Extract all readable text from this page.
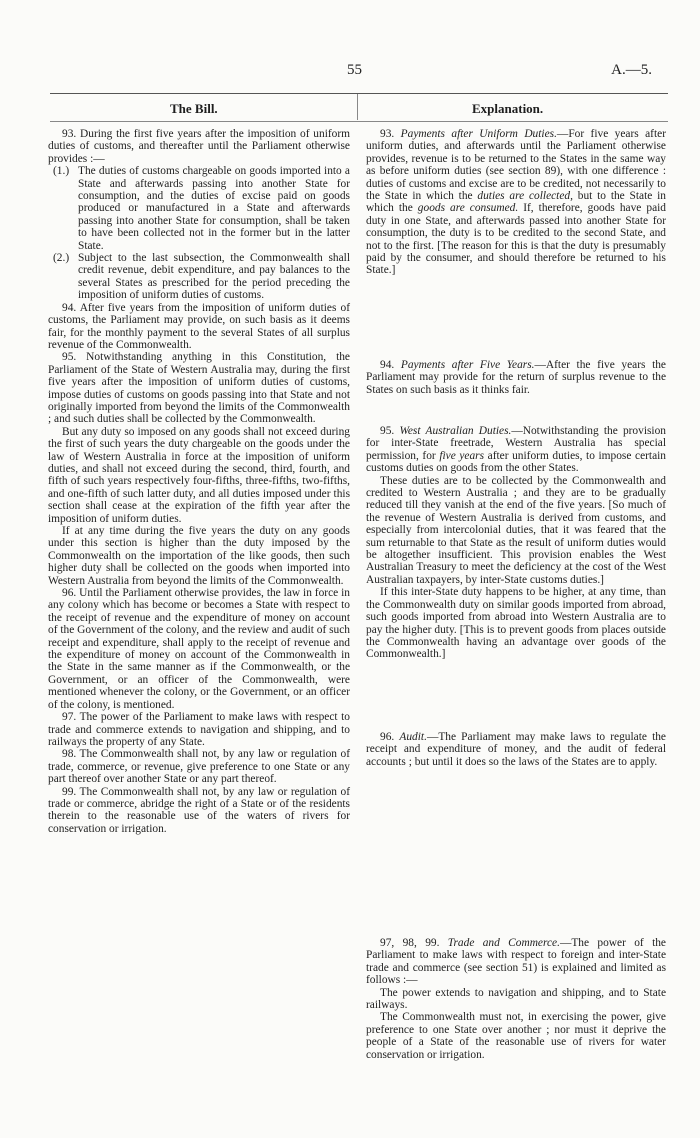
55	A.—5.
The Bill.	Explanation.

93. During the first five years after the imposition of uniform duties of customs, and thereafter until the Parliament otherwise provides :—

(1.) The duties of customs chargeable on goods imported into a State and afterwards passing into another State for consumption, and the duties of excise paid on goods produced or manufactured in a State and afterwards passing into another State for consumption, shall be taken to have been collected not in the former but in the latter State.

(2.) Subject to the last subsection, the Commonwealth shall credit revenue, debit expenditure, and pay balances to the several States as prescribed for the period preceding the imposition of uniform duties of customs.

94. After five years from the imposition of uniform duties of customs, the Parliament may provide, on such basis as it deems fair, for the monthly payment to the several States of all surplus revenue of the Commonwealth.

95. Notwithstanding anything in this Constitution, the Parliament of the State of Western Australia may, during the first five years after the imposition of uniform duties of customs, impose duties of customs on goods passing into that State and not originally imported from beyond the limits of the Commonwealth ; and such duties shall be collected by the Commonwealth.

But any duty so imposed on any goods shall not exceed during the first of such years the duty chargeable on the goods under the law of Western Australia in force at the imposition of uniform duties, and shall not exceed during the second, third, fourth, and fifth of such years respectively four-fifths, three-fifths, two-fifths, and one-fifth of such latter duty, and all duties imposed under this section shall cease at the expiration of the fifth year after the imposition of uniform duties.

If at any time during the five years the duty on any goods under this section is higher than the duty imposed by the Commonwealth on the importation of the like goods, then such higher duty shall be collected on the goods when imported into Western Australia from beyond the limits of the Commonwealth.

96. Until the Parliament otherwise provides, the law in force in any colony which has become or becomes a State with respect to the receipt of revenue and the expenditure of money on account of the Government of the colony, and the review and audit of such receipt and expenditure, shall apply to the receipt of revenue and the expenditure of money on account of the Commonwealth in the State in the same manner as if the Commonwealth, or the Government, or an officer of the Commonwealth, were mentioned whenever the colony, or the Government, or an officer of the colony, is mentioned.

97. The power of the Parliament to make laws with respect to trade and commerce extends to navigation and shipping, and to railways the property of any State.

98. The Commonwealth shall not, by any law or regulation of trade, commerce, or revenue, give preference to one State or any part thereof over another State or any part thereof.

99. The Commonwealth shall not, by any law or regulation of trade or commerce, abridge the right of a State or of the residents therein to the reasonable use of the waters of rivers for conservation or irrigation.

93. Payments after Uniform Duties.—For five years after uniform duties, and afterwards until the Parliament otherwise provides, revenue is to be returned to the States in the same way as before uniform duties (see section 89), with one difference : duties of customs and excise are to be credited, not necessarily to the State in which the duties are collected, but to the State in which the goods are consumed. If, therefore, goods have paid duty in one State, and afterwards passed into another State for consumption, the duty is to be credited to the second State, and not to the first. [The reason for this is that the duty is presumably paid by the consumer, and should therefore be returned to his State.]

94. Payments after Five Years.—After the five years the Parliament may provide for the return of surplus revenue to the States on such basis as it thinks fair.

95. West Australian Duties.—Notwithstanding the provision for inter-State freetrade, Western Australia has special permission, for five years after uniform duties, to impose certain customs duties on goods from the other States.

These duties are to be collected by the Commonwealth and credited to Western Australia ; and they are to be gradually reduced till they vanish at the end of the five years. [So much of the revenue of Western Australia is derived from customs, and especially from intercolonial duties, that it was feared that the sum returnable to that State as the result of uniform duties would be altogether insufficient. This provision enables the West Australian Treasury to meet the deficiency at the cost of the West Australian taxpayers, by inter-State customs duties.]

If this inter-State duty happens to be higher, at any time, than the Commonwealth duty on similar goods imported from abroad, such goods imported from abroad into Western Australia are to pay the higher duty. [This is to prevent goods from places outside the Commonwealth having an advantage over goods of the Commonwealth.]

96. Audit.—The Parliament may make laws to regulate the receipt and expenditure of money, and the audit of federal accounts ; but until it does so the laws of the States are to apply.

97, 98, 99. Trade and Commerce.—The power of the Parliament to make laws with respect to foreign and inter-State trade and commerce (see section 51) is explained and limited as follows :—

The power extends to navigation and shipping, and to State railways.

The Commonwealth must not, in exercising the power, give preference to one State over another ; nor must it deprive the people of a State of the reasonable use of rivers for water conservation or irrigation.
